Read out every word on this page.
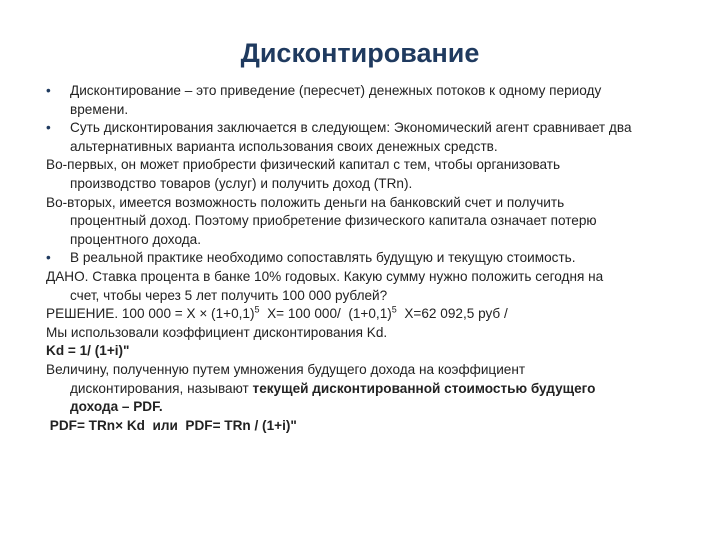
Дисконтирование
• Дисконтирование – это приведение (пересчет) денежных потоков к одному периоду
времени.
• Суть дисконтирования заключается в следующем: Экономический агент сравнивает два
альтернативных варианта использования своих денежных средств.
Во-первых, он может приобрести физический капитал с тем, чтобы организовать
производство товаров (услуг) и получить доход (TRn).
Во-вторых, имеется возможность положить деньги на банковский счет и получить
процентный доход. Поэтому приобретение физического капитала означает потерю
процентного дохода.
• В реальной практике необходимо сопоставлять будущую и текущую стоимость.
ДАНО. Ставка процента в банке 10% годовых. Какую сумму нужно положить сегодня на
счет, чтобы через 5 лет получить 100 000 рублей?
РЕШЕНИЕ. 100 $000 = Х \times (1+0,1)^5$  Х= 100 000/  $(1+0,1)^5$  Х=62 092,5 руб /
Мы использовали коэффициент дисконтирования Kd.
Kd = 1/ (1+i)"
Величину, полученную путем умножения будущего дохода на коэффициент
дисконтирования, называют текущей дисконтированной стоимостью будущего
дохода – PDF.
PDF= TRn× Kd  или  PDF= TRn / (1+i)"
